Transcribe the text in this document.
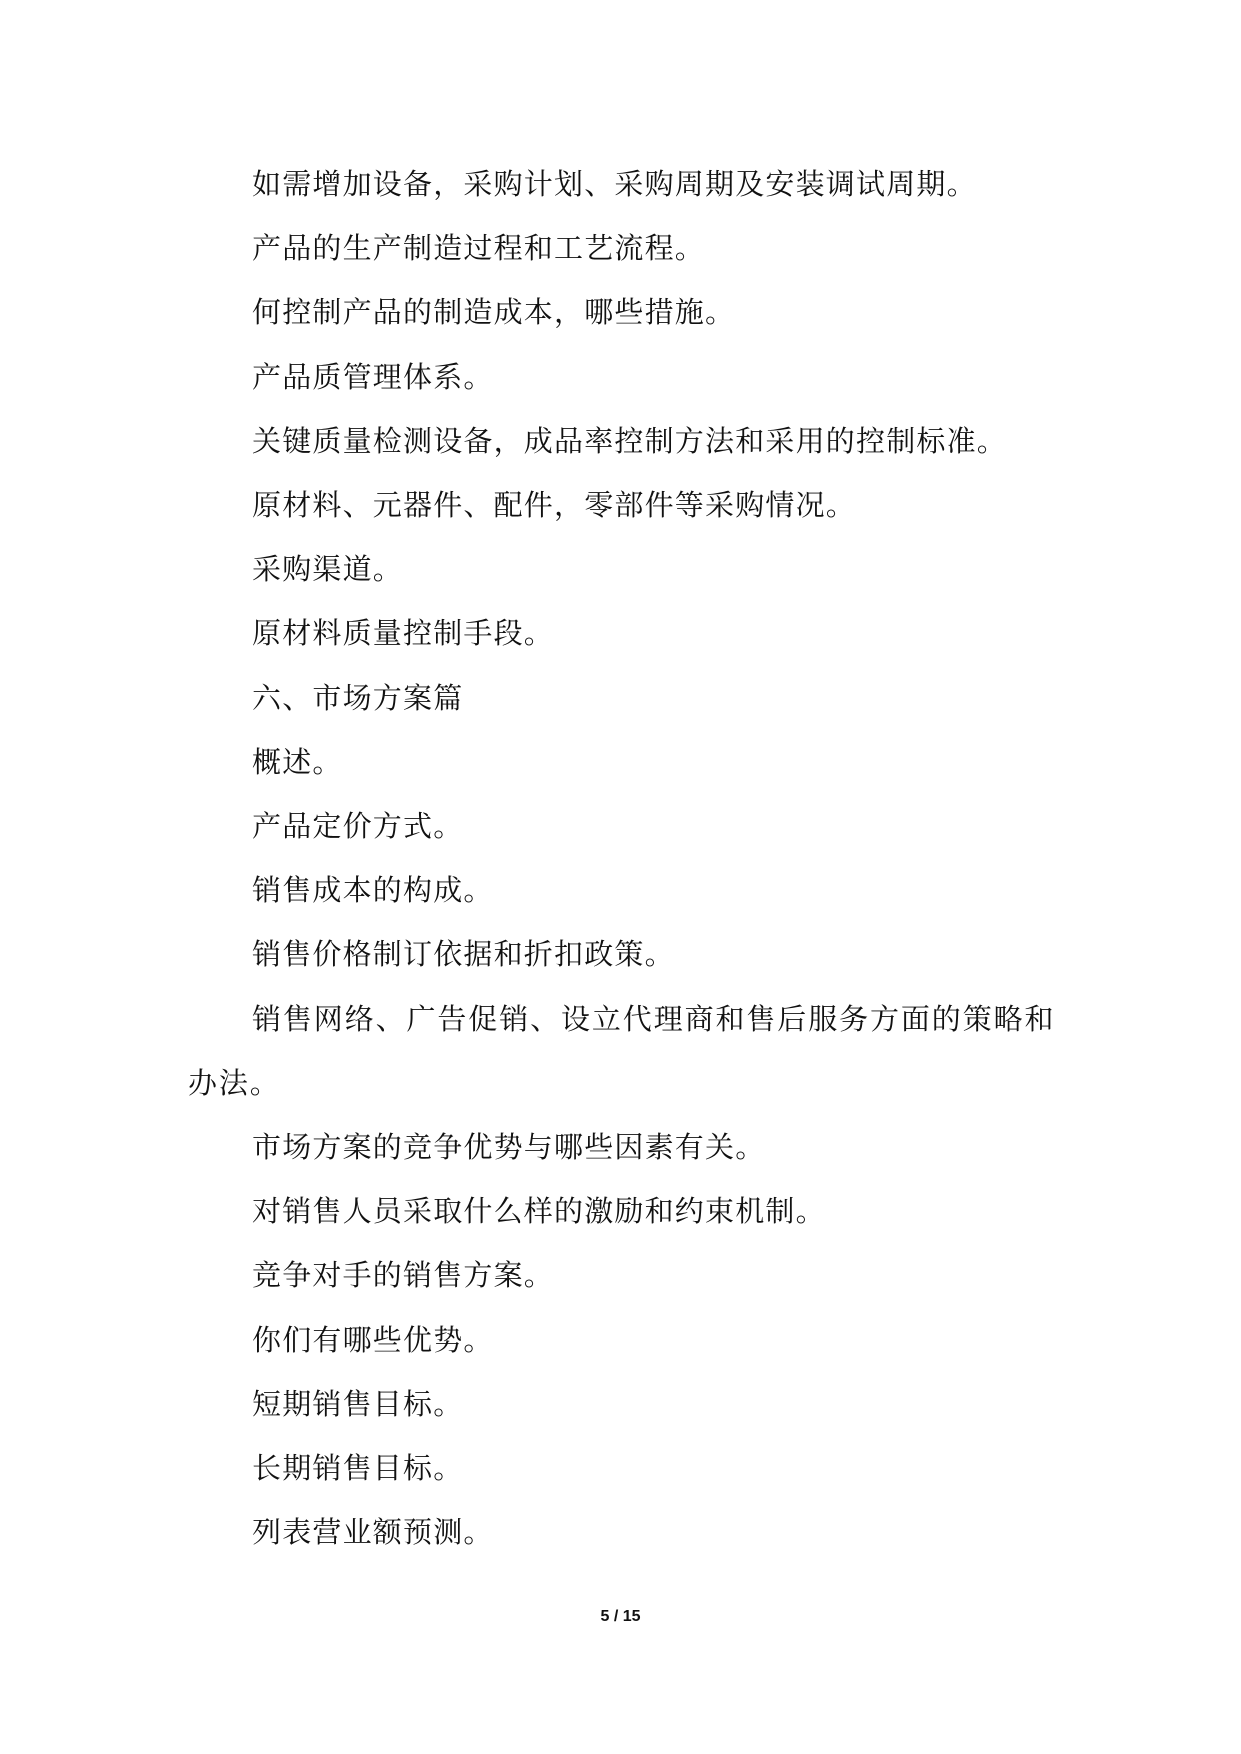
如需增加设备，采购计划、采购周期及安装调试周期。

产品的生产制造过程和工艺流程。

何控制产品的制造成本，哪些措施。

产品质管理体系。

关键质量检测设备，成品率控制方法和采用的控制标准。

原材料、元器件、配件，零部件等采购情况。

采购渠道。

原材料质量控制手段。

六、市场方案篇

概述。

产品定价方式。

销售成本的构成。

销售价格制订依据和折扣政策。

销售网络、广告促销、设立代理商和售后服务方面的策略和办法。

市场方案的竞争优势与哪些因素有关。

对销售人员采取什么样的激励和约束机制。

竞争对手的销售方案。

你们有哪些优势。

短期销售目标。

长期销售目标。

列表营业额预测。

5 / 15
